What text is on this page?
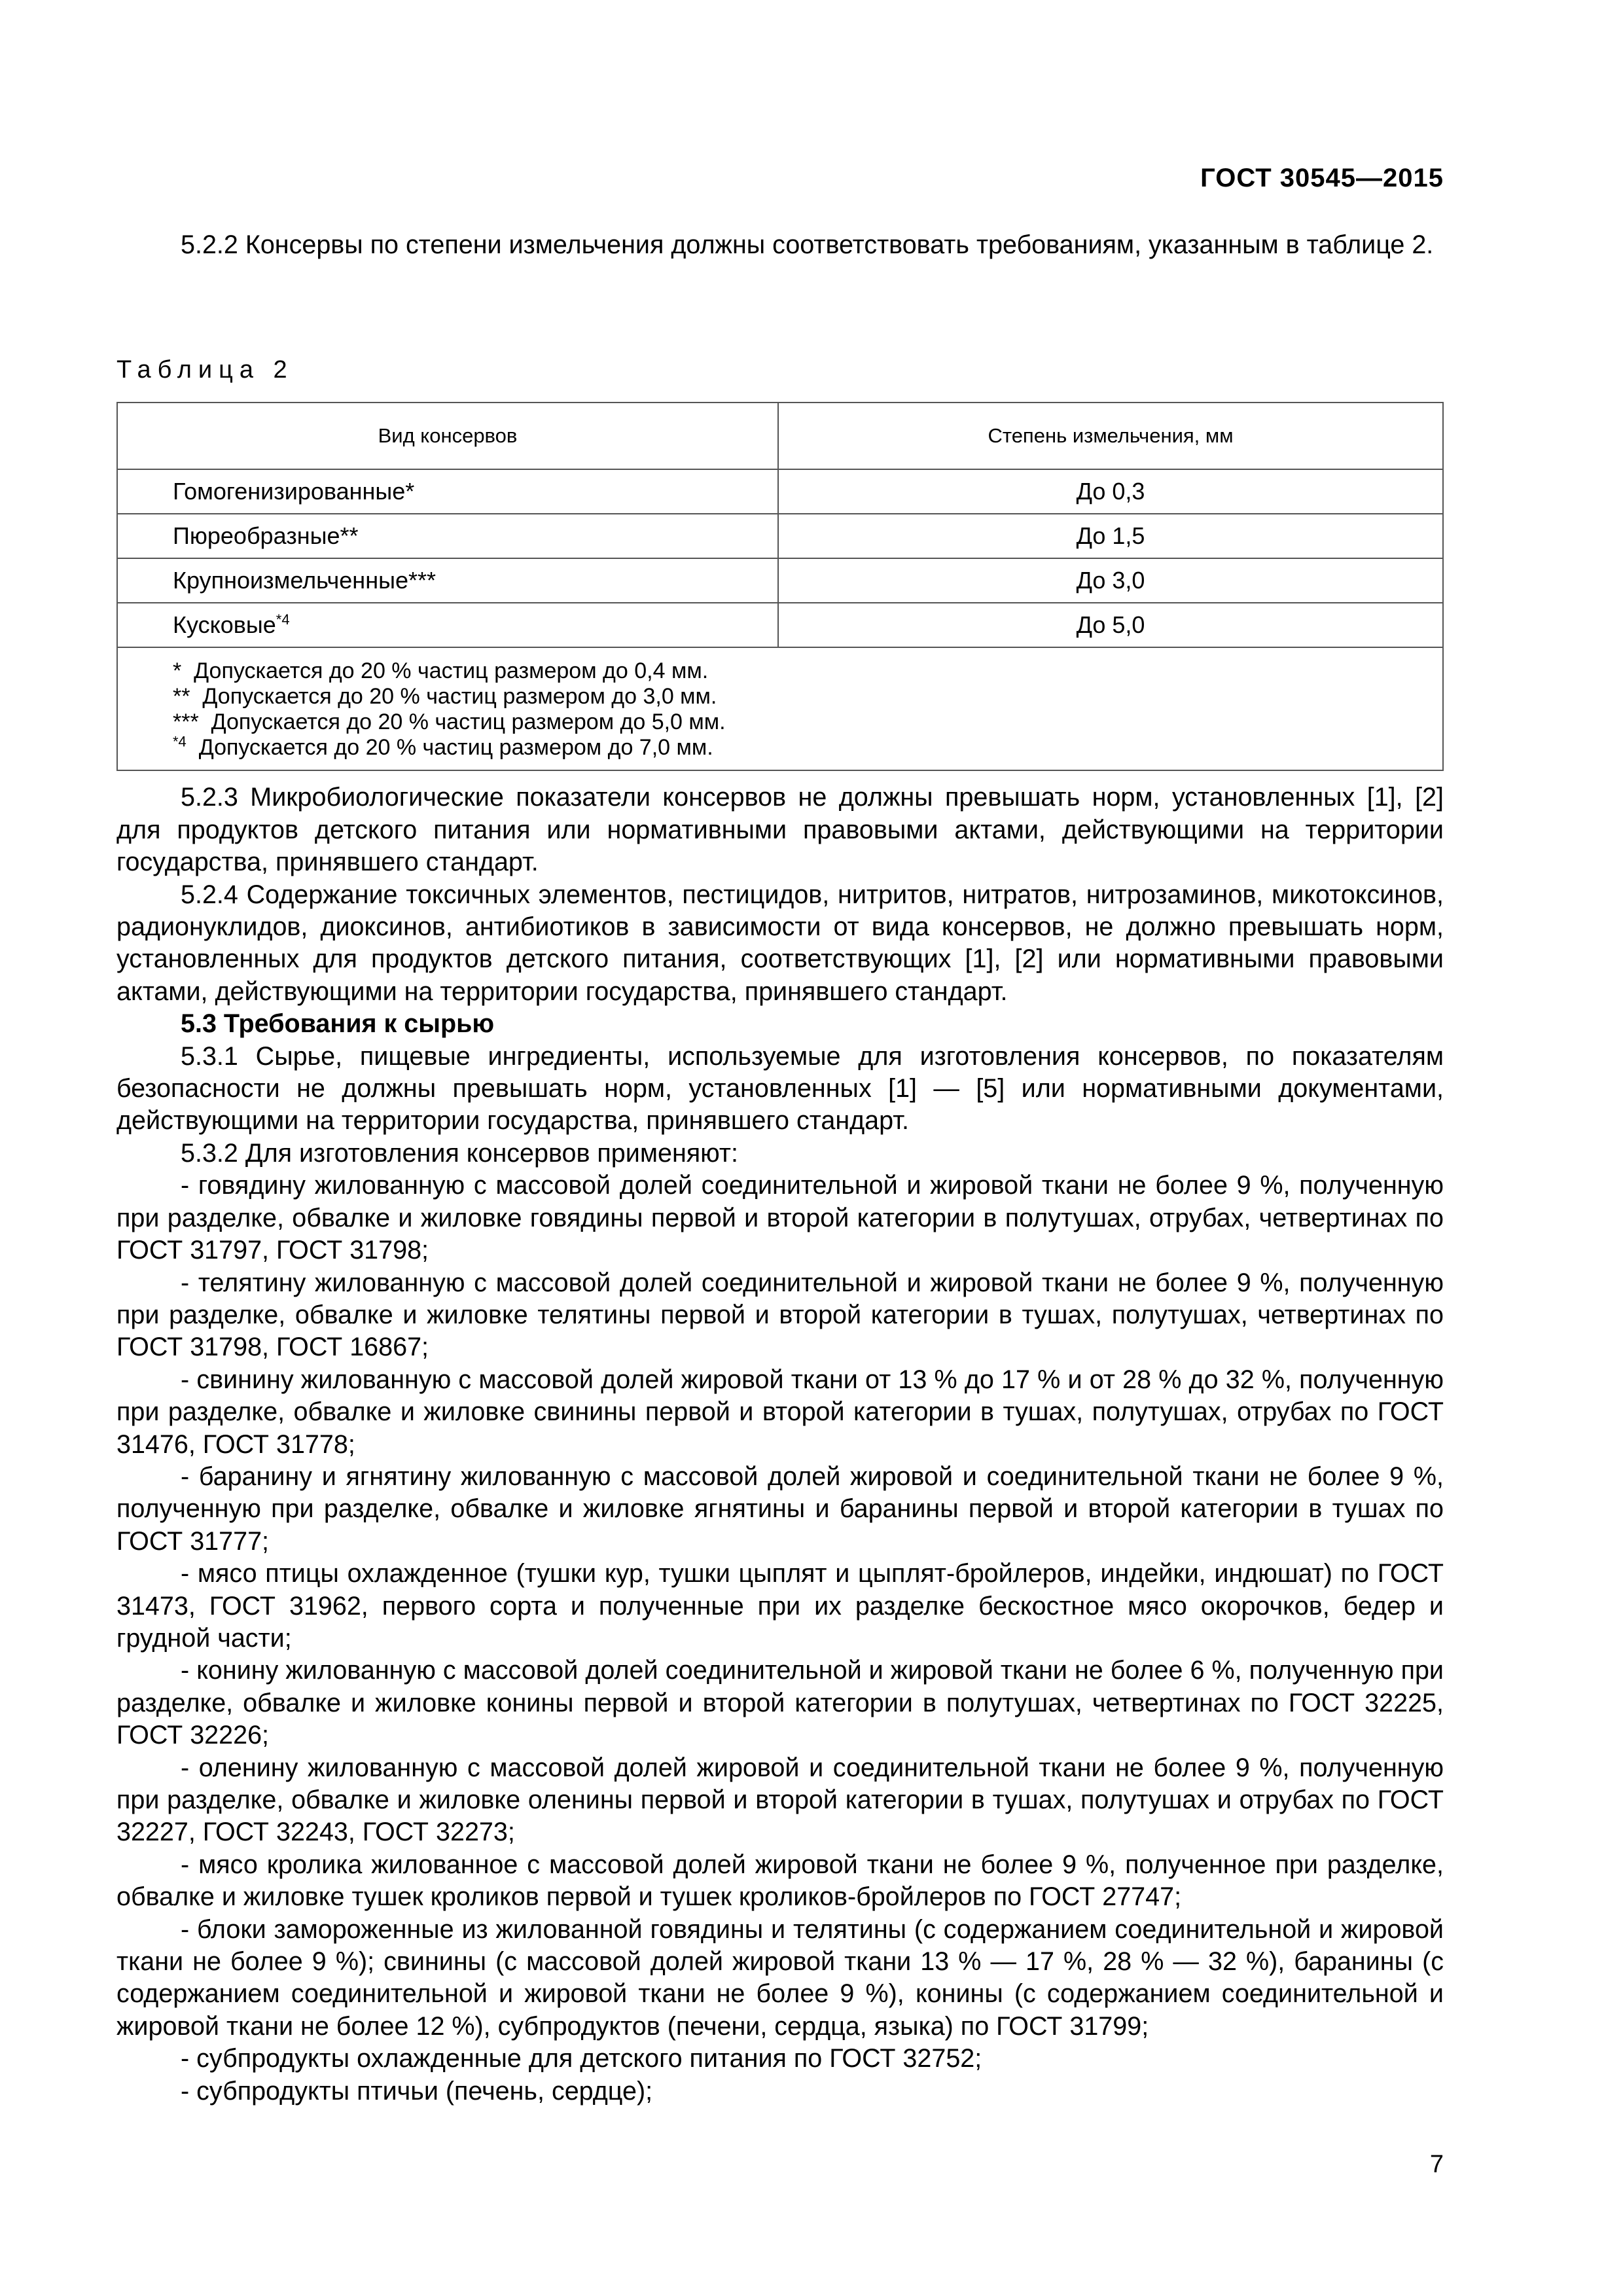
ГОСТ 30545—2015

5.2.2 Консервы по степени измельчения должны соответствовать требованиям, указанным в таблице 2.

Таблица 2
Вид консервов	Степень измельчения, мм
Гомогенизированные*	До 0,3
Пюреобразные**	До 1,5
Крупноизмельченные***	До 3,0
Кусковые$^{*4}$	До 5,0

* Допускается до 20 % частиц размером до 0,4 мм.
** Допускается до 20 % частиц размером до 3,0 мм.
*** Допускается до 20 % частиц размером до 5,0 мм.
$^{*4}$ Допускается до 20 % частиц размером до 7,0 мм.	

5.2.3 Микробиологические показатели консервов не должны превышать норм, установленных [1], [2] для продуктов детского питания или нормативными правовыми актами, действующими на территории государства, принявшего стандарт.

5.2.4 Содержание токсичных элементов, пестицидов, нитритов, нитратов, нитрозаминов, микотоксинов, радионуклидов, диоксинов, антибиотиков в зависимости от вида консервов, не должно превышать норм, установленных для продуктов детского питания, соответствующих [1], [2] или нормативными правовыми актами, действующими на территории государства, принявшего стандарт.

5.3 Требования к сырью

5.3.1 Сырье, пищевые ингредиенты, используемые для изготовления консервов, по показателям безопасности не должны превышать норм, установленных [1] — [5] или нормативными документами, действующими на территории государства, принявшего стандарт.

5.3.2 Для изготовления консервов применяют:

- говядину жилованную с массовой долей соединительной и жировой ткани не более 9 %, полученную при разделке, обвалке и жиловке говядины первой и второй категории в полутушах, отрубах, четвертинах по ГОСТ 31797, ГОСТ 31798;

- телятину жилованную с массовой долей соединительной и жировой ткани не более 9 %, полученную при разделке, обвалке и жиловке телятины первой и второй категории в тушах, полутушах, четвертинах по ГОСТ 31798, ГОСТ 16867;

- свинину жилованную с массовой долей жировой ткани от 13 % до 17 % и от 28 % до 32 %, полученную при разделке, обвалке и жиловке свинины первой и второй категории в тушах, полутушах, отрубах по ГОСТ 31476, ГОСТ 31778;

- баранину и ягнятину жилованную с массовой долей жировой и соединительной ткани не более 9 %, полученную при разделке, обвалке и жиловке ягнятины и баранины первой и второй категории в тушах по ГОСТ 31777;

- мясо птицы охлажденное (тушки кур, тушки цыплят и цыплят-бройлеров, индейки, индюшат) по ГОСТ 31473, ГОСТ 31962, первого сорта и полученные при их разделке бескостное мясо окорочков, бедер и грудной части;

- конину жилованную с массовой долей соединительной и жировой ткани не более 6 %, полученную при разделке, обвалке и жиловке конины первой и второй категории в полутушах, четвертинах по ГОСТ 32225, ГОСТ 32226;

- оленину жилованную с массовой долей жировой и соединительной ткани не более 9 %, полученную при разделке, обвалке и жиловке оленины первой и второй категории в тушах, полутушах и отрубах по ГОСТ 32227, ГОСТ 32243, ГОСТ 32273;

- мясо кролика жилованное с массовой долей жировой ткани не более 9 %, полученное при разделке, обвалке и жиловке тушек кроликов первой и тушек кроликов-бройлеров по ГОСТ 27747;

- блоки замороженные из жилованной говядины и телятины (с содержанием соединительной и жировой ткани не более 9 %); свинины (с массовой долей жировой ткани 13 % — 17 %, 28 % — 32 %), баранины (с содержанием соединительной и жировой ткани не более 9 %), конины (с содержанием соединительной и жировой ткани не более 12 %), субпродуктов (печени, сердца, языка) по ГОСТ 31799;

- субпродукты охлажденные для детского питания по ГОСТ 32752;

- субпродукты птичьи (печень, сердце);

7
